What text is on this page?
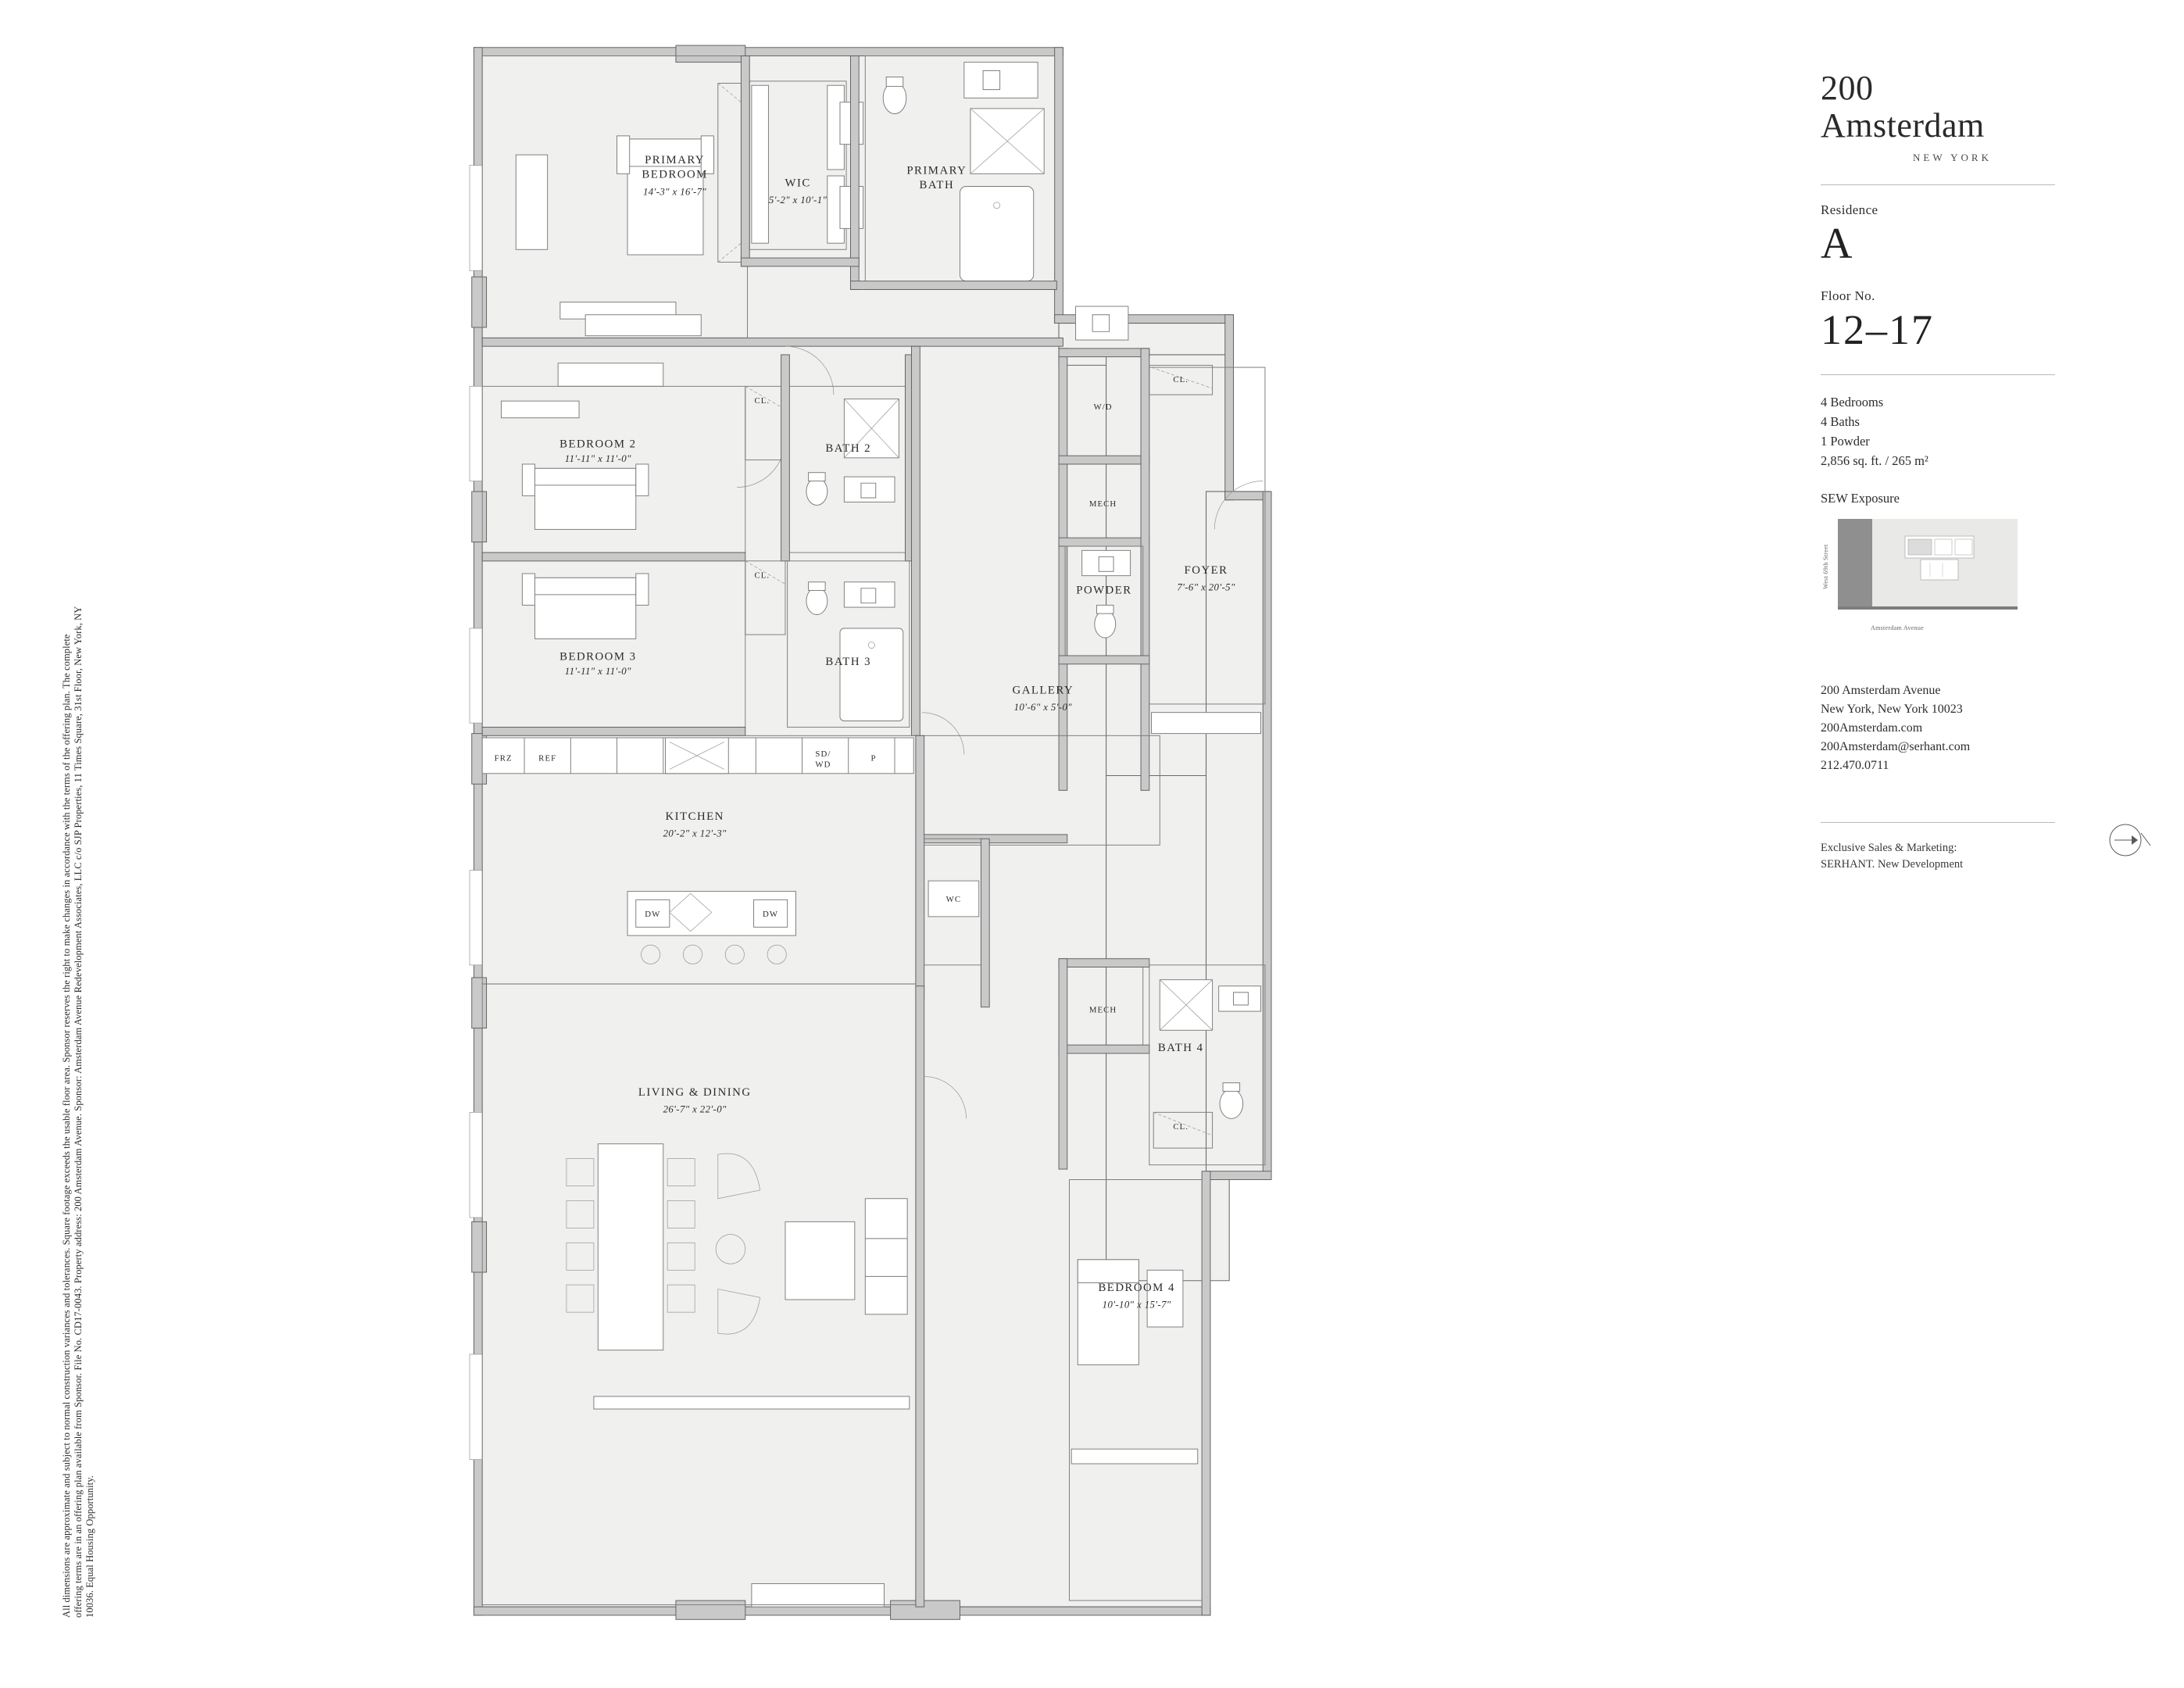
All dimensions are approximate and subject to normal construction variances and tolerances. Square footage exceeds the usable floor area. Sponsor reserves the right to make changes in accordance with the terms of the offering plan. The complete offering terms are in an offering plan available from Sponsor. File No. CD17-0043. Property address: 200 Amsterdam Avenue. Sponsor: Amsterdam Avenue Redevelopment Associates, LLC c/o SJP Properties, 11 Times Square, 31st Floor, New York, NY 10036. Equal Housing Opportunity.
PRIMARY
BEDROOM
14'-3" x 16'-7"
WIC
5'-2" x 10'-1"
PRIMARY
BATH
BEDROOM 2
11'-11" x 11'-0"
BATH 2
BEDROOM 3
11'-11" x 11'-0"
BATH 3
FOYER
7'-6" x 20'-5"
POWDER
GALLERY
10'-6" x 5'-0"
KITCHEN
20'-2" x 12'-3"
LIVING & DINING
26'-7" x 22'-0"
BATH 4
BEDROOM 4
10'-10" x 15'-7"
W/D
MECH
MECH
CL.
CL.
CL.
CL.
FRZ	REF	SD/
WD
P
DW	DW
WC
200
Amsterdam
NEW YORK
Residence
A
Floor No.
12–17
4 Bedrooms
4 Baths
1 Powder
2,856 sq. ft. / 265 m²
SEW Exposure
West 69th Street
Amsterdam Avenue
200 Amsterdam Avenue
New York, New York 10023
200Amsterdam.com
200Amsterdam@serhant.com
212.470.0711
Exclusive Sales & Marketing:
SERHANT. New Development
